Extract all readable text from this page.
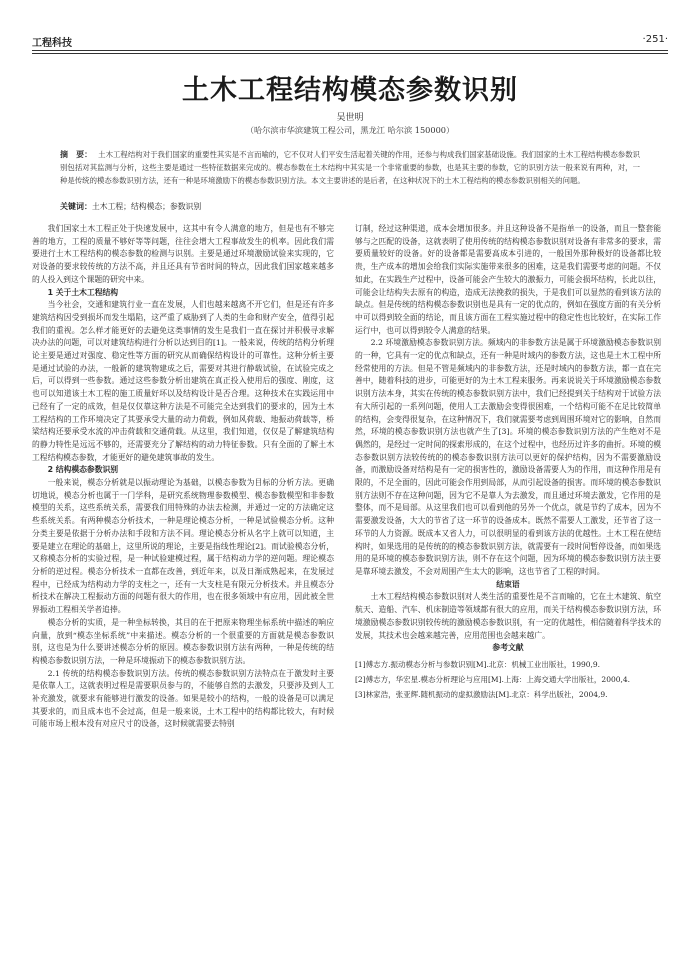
工程科技	·251·
土木工程结构模态参数识别
吴世明
（哈尔滨市华滨建筑工程公司，黑龙江 哈尔滨 150000）
摘　要： 土木工程结构对于我们国家的重要性其实是不言而喻的，它不仅对人们平安生活起着关键的作用，还参与构成我们国家基础设施。我们国家的土木工程结构模态参数识别包括对其监测与分析，这些主要是通过一些特征数据来完成的。模态参数在土木结构中其实是一个非常重要的参数，也是其主要的参数，它的识别方法一般来说有两种，对，一种是传统的模态参数识别方法，还有一种是环境激励下的模态参数识别方法。本文主要讲述的是后者，在这种状况下的土木工程结构的模态参数识别相关的问题。
关键词：土木工程；结构模态；参数识别

我们国家土木工程正处于快速发展中，这其中有令人满意的地方，但是也有不够完善的地方，工程的质量不够好等等问题，往往会增大工程事故发生的机率。因此我们需要进行土木工程结构的模态参数的检测与识别。主要是通过环境激励试验来实现的，它对设备的要求较传统的方法不高，并且还具有节省时间的特点，因此我们国家越来越多的人投入到这个课题的研究中来。

1 关于土木工程结构

当今社会，交通和建筑行业一直在发展，人们也越来越离不开它们，但是还有许多建筑结构因受到损坏而发生塌陷，这严重了威胁到了人类的生命和财产安全，值得引起我们的重视。怎么样才能更好的去避免这类事情的发生是我们一直在探讨并积极寻求解决办法的问题，可以对建筑结构进行分析以达到目的[1]。一般来说，传统的结构分析理论主要是通过对强度、稳定性等方面的研究从而确保结构设计的可靠性。这种分析主要是通过试验的办法，一般新的建筑物建成之后，需要对其进行静载试验，在试验完成之后，可以得到一些参数。通过这些参数分析出建筑在真正投入使用后的强度、刚度，这也可以知道该土木工程的施工质量好坏以及结构设计是否合理。这种技术在实践运用中已经有了一定的成效，但是仅仅靠这种方法是不可能完全达到我们的要求的，因为土木工程结构的工作环境决定了其要承受大量的动力荷载，例如风荷载、地振动荷载等，桥梁结构还要承受水流的冲击荷载和交通荷载。从这里，我们知道，仅仅是了解建筑结构的静力特性是远远不够的，还需要充分了解结构的动力特征参数。只有全面的了解土木工程结构模态参数，才能更好的避免建筑事故的发生。

2 结构模态参数识别

一般来说，模态分析就是以振动理论为基础，以模态参数为目标的分析方法。更确切地说，模态分析也属于一门学科，是研究系统物理参数模型、模态参数模型和非参数模型的关系，这些系统关系，需要我们用特殊的办法去检测，并通过一定的方法确定这些系统关系。有两种模态分析技术，一种是理论模态分析，一种是试验模态分析。这种分类主要是依据于分析办法和手段和方法不同。理论模态分析从名字上就可以知道，主要是建立在理论的基础上，这里所说的理论，主要是指线性理论[2]。而试验模态分析，又称模态分析的实验过程，是一种试验建模过程，属于结构动力学的逆问题。理论模态分析的逆过程。模态分析技术一直都在改善，到近年来，以及日渐成熟起来，在发展过程中，已经成为结构动力学的支柱之一，还有一大支柱是有限元分析技术。并且模态分析技术在解决工程振动方面的问题有很大的作用，也在很多领域中有应用，因此被全世界振动工程相关学者追捧。

模态分析的实质，是一种坐标转换，其目的在于把原来物理坐标系统中描述的响应向量，放到“模态坐标系统”中来描述。模态分析的一个很重要的方面就是模态参数识别，这也是为什么要讲述模态分析的原因。模态参数识别方法有两种，一种是传统的结构模态参数识别方法，一种是环境振动下的模态参数识别方法。

2.1 传统的结构模态参数识别方法。传统的模态参数识别方法特点在于激发时主要是依靠人工，这就表明过程是需要职员参与的，不能够自然的去激发，只要涉及到人工补充激发，就要求有能够进行激发的设备。如果是较小的结构，一般的设备是可以满足其要求的，而且成本也不会过高，但是一般来说，土木工程中的结构都比较大，有时候可能市场上根本没有对应尺寸的设备，这时候就需要去特别

订制，经过这种渠道，成本会增加很多。并且这种设备不是指单一的设备，而且一整套能够与之匹配的设备，这就表明了使用传统的结构模态参数识别对设备有非常多的要求，需要质量较好的设备。好的设备都是需要高成本引进的，一般国外那种极好的设备都比较贵，生产成本的增加会给我们实际实施带来很多的困难，这是我们需要考虑的问题。不仅如此，在实践生产过程中，设备可能会产生较大的激振力，可能会损坏结构，长此以往，可能会让结构失去原有的构造，造成无法挽救的损失，于是我们可以显然的看到该方法的缺点。但是传统的结构模态参数识别也是具有一定的优点的，例如在强度方面的有关分析中可以得到较全面的结论，而且该方面在工程实施过程中的稳定性也比较好，在实际工作运行中，也可以得到较令人满意的结果。

2.2 环境激励模态参数识别方法。频域内的非参数方法是属于环境激励模态参数识别的一种，它具有一定的优点和缺点，还有一种是时域内的参数方法，这也是土木工程中所经常使用的方法。但是不管是频域内的非参数方法，还是时域内的参数方法，都一直在完善中，随着科技的进步，可能更好的为土木工程来服务。再来说说关于环境激励模态参数识别方法本身，其实在传统的模态参数识别方法中，我们已经提到关于结构对于试验方法有大所引起的一系列问题，使用人工去激励会变得很困难，一个结构可能不在足比较简单的结构，会变得很复杂，在这种情况下，我们就需要考虑到周围环境对它的影响，自然而然，环境的模态参数识别方法也就产生了[3]。环境的模态参数识别方法的产生绝对不是偶然的，是经过一定时间的探索形成的，在这个过程中，也经历过许多的曲折。环境的模态参数识别方法较传统的的模态参数识别方法可以更好的保护结构，因为不需要激励设备，而激励设备对结构是有一定的损害性的，激励设备需要人为的作用，而这种作用是有限的，不足全面的，因此可能会作用到局部，从而引起设备的损害。而环境的模态参数识别方法则不存在这种问题，因为它不是靠人为去激发，而且通过环境去激发，它作用的是整体，而不是局部。从这里我们也可以看到他的另外一个优点，就是节约了成本，因为不需要激发设备，大大的节省了这一环节的设备成本。既然不需要人工激发，还节省了这一环节的人力资源。既成本又省人力，可以很明显的看到该方法的优越性。土木工程在使结构时，如果选用的是传统的的模态参数识别方法，就需要有一段时间暂停设备，而如果选用的是环境的模态参数识别方法，则不存在这个问题，因为环境的模态参数识别方法主要是靠环境去激发，不会对周围产生太大的影响，这也节省了工程的时间。

结束语

土木工程结构模态参数识别对人类生活的重要性是不言而喻的，它在土木建筑、航空航天、造船、汽车、机床制造等领域都有很大的应用，而关于结构模态参数识别方法，环境激励模态参数识别较传统的激励模态参数识别，有一定的优越性，相信随着科学技术的发展，其技术也会越来越完善，应用范围也会越来越广。

参考文献
[1]傅志方.振动模态分析与参数识别[M].北京：机械工业出版社，1990,9.
[2]傅志方，华宏星.模态分析理论与应用[M].上海：上海交通大学出版社，2000,4.
[3]林家浩，张亚辉.随机振动的虚拟激励法[M].北京：科学出版社，2004,9.
